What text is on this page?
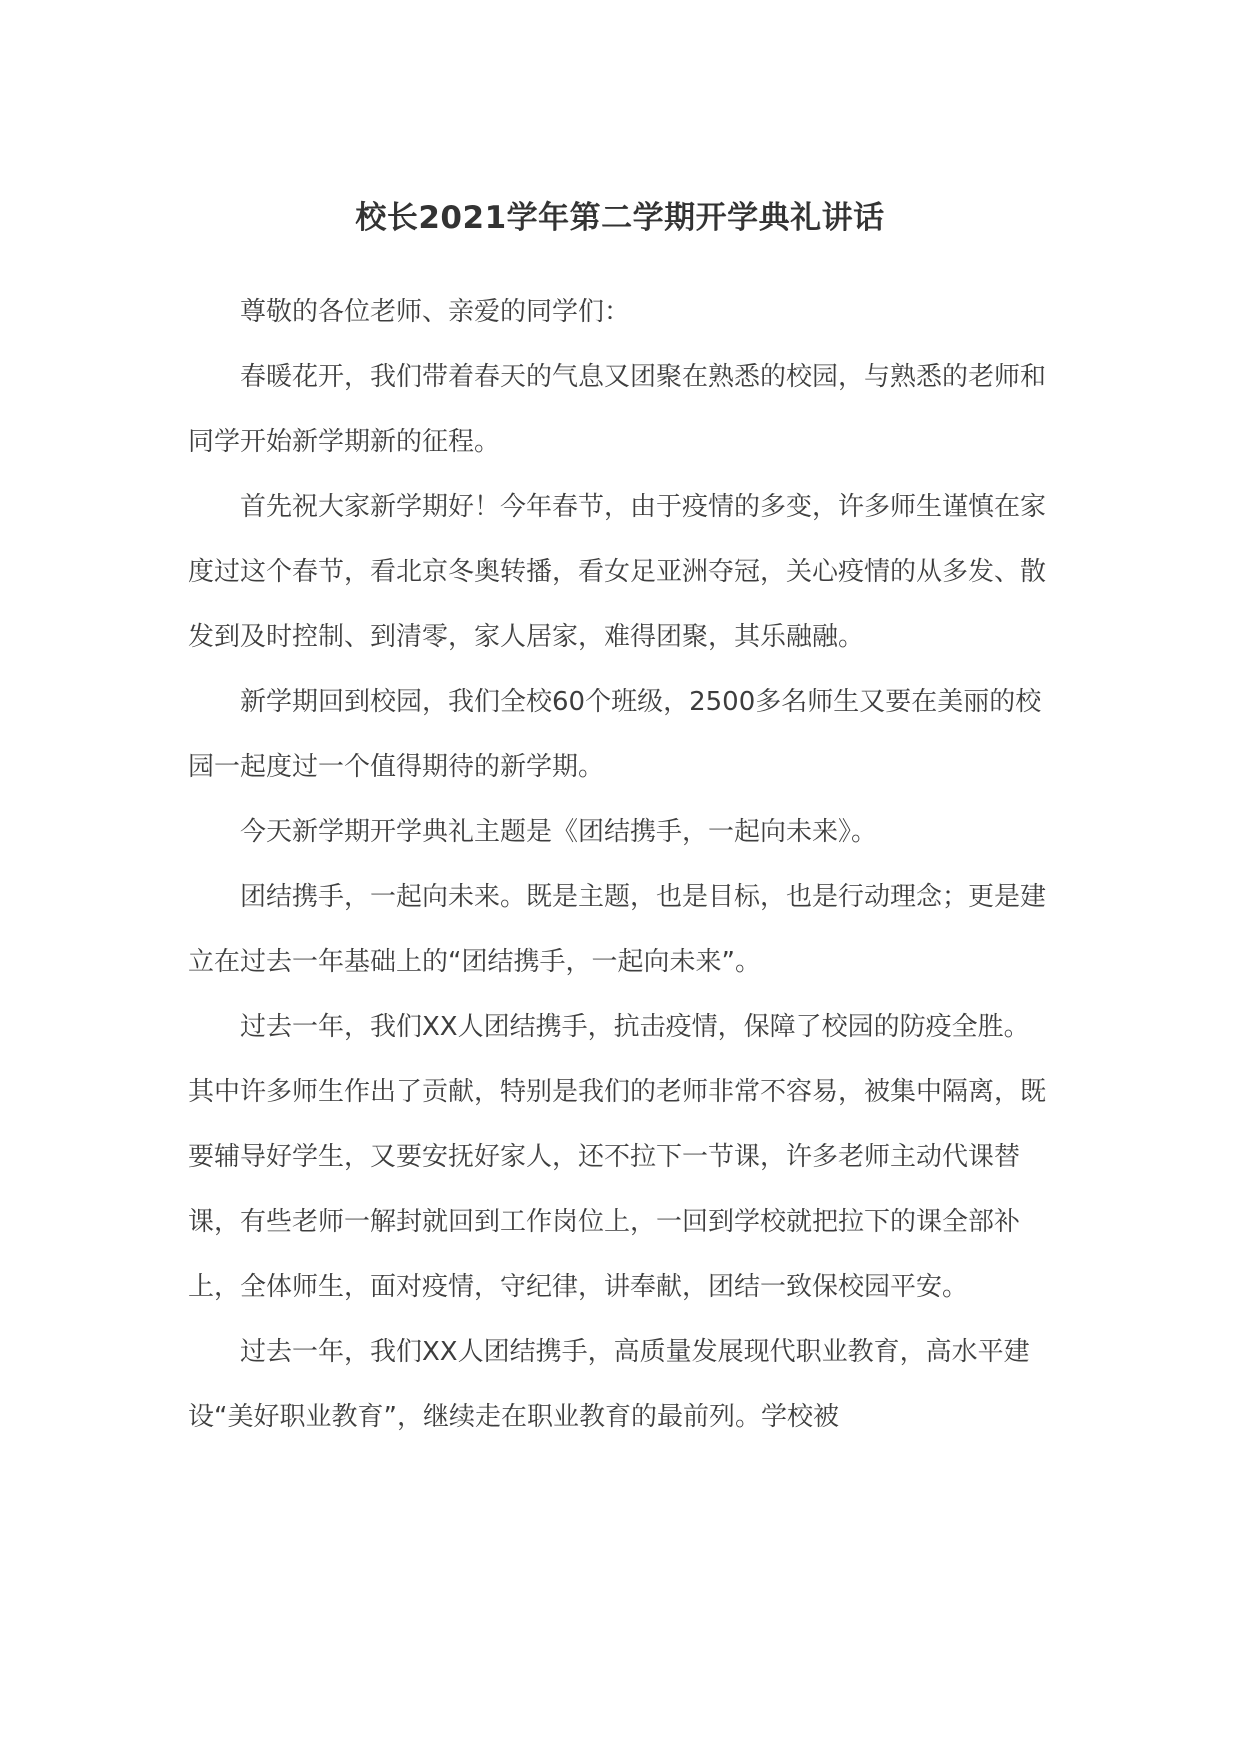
校长2021学年第二学期开学典礼讲话

尊敬的各位老师、亲爱的同学们：

春暖花开，我们带着春天的气息又团聚在熟悉的校园，与熟悉的老师和同学开始新学期新的征程。

首先祝大家新学期好！今年春节，由于疫情的多变，许多师生谨慎在家度过这个春节，看北京冬奥转播，看女足亚洲夺冠，关心疫情的从多发、散发到及时控制、到清零，家人居家，难得团聚，其乐融融。

新学期回到校园，我们全校60个班级，2500多名师生又要在美丽的校园一起度过一个值得期待的新学期。

今天新学期开学典礼主题是《团结携手，一起向未来》。

团结携手，一起向未来。既是主题，也是目标，也是行动理念；更是建立在过去一年基础上的“团结携手，一起向未来”。

过去一年，我们XX人团结携手，抗击疫情，保障了校园的防疫全胜。其中许多师生作出了贡献，特别是我们的老师非常不容易，被集中隔离，既要辅导好学生，又要安抚好家人，还不拉下一节课，许多老师主动代课替课，有些老师一解封就回到工作岗位上，一回到学校就把拉下的课全部补上，全体师生，面对疫情，守纪律，讲奉献，团结一致保校园平安。

过去一年，我们XX人团结携手，高质量发展现代职业教育，高水平建设“美好职业教育”，继续走在职业教育的最前列。学校被
